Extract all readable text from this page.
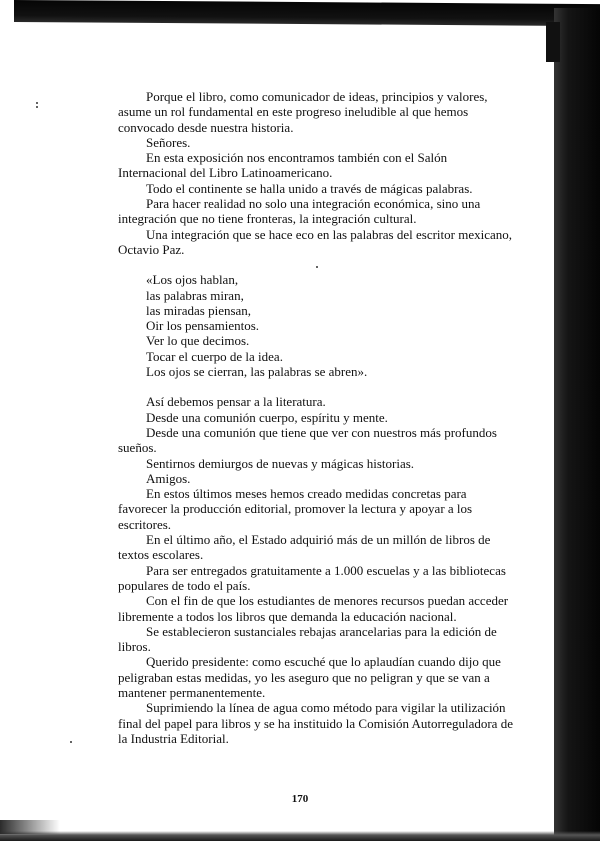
Porque el libro, como comunicador de ideas, principios y valores, asume un rol fundamental en este progreso ineludible al que hemos convocado desde nuestra historia.

Señores.

En esta exposición nos encontramos también con el Salón Internacional del Libro Latinoamericano.

Todo el continente se halla unido a través de mágicas palabras.

Para hacer realidad no solo una integración económica, sino una integración que no tiene fronteras, la integración cultural.

Una integración que se hace eco en las palabras del escritor mexicano, Octavio Paz.

«Los ojos hablan,
las palabras miran,
las miradas piensan,
Oir los pensamientos.
Ver lo que decimos.
Tocar el cuerpo de la idea.
Los ojos se cierran, las palabras se abren».

Así debemos pensar a la literatura.

Desde una comunión cuerpo, espíritu y mente.

Desde una comunión que tiene que ver con nuestros más profundos sueños.

Sentirnos demiurgos de nuevas y mágicas historias.

Amigos.

En estos últimos meses hemos creado medidas concretas para favorecer la producción editorial, promover la lectura y apoyar a los escritores.

En el último año, el Estado adquirió más de un millón de libros de textos escolares.

Para ser entregados gratuitamente a 1.000 escuelas y a las bibliotecas populares de todo el país.

Con el fin de que los estudiantes de menores recursos puedan acceder libremente a todos los libros que demanda la educación nacional.

Se establecieron sustanciales rebajas arancelarias para la edición de libros.

Querido presidente: como escuché que lo aplaudían cuando dijo que peligraban estas medidas, yo les aseguro que no peligran y que se van a mantener permanentemente.

Suprimiendo la línea de agua como método para vigilar la utilización final del papel para libros y se ha instituido la Comisión Autorreguladora de la Industria Editorial.

170
